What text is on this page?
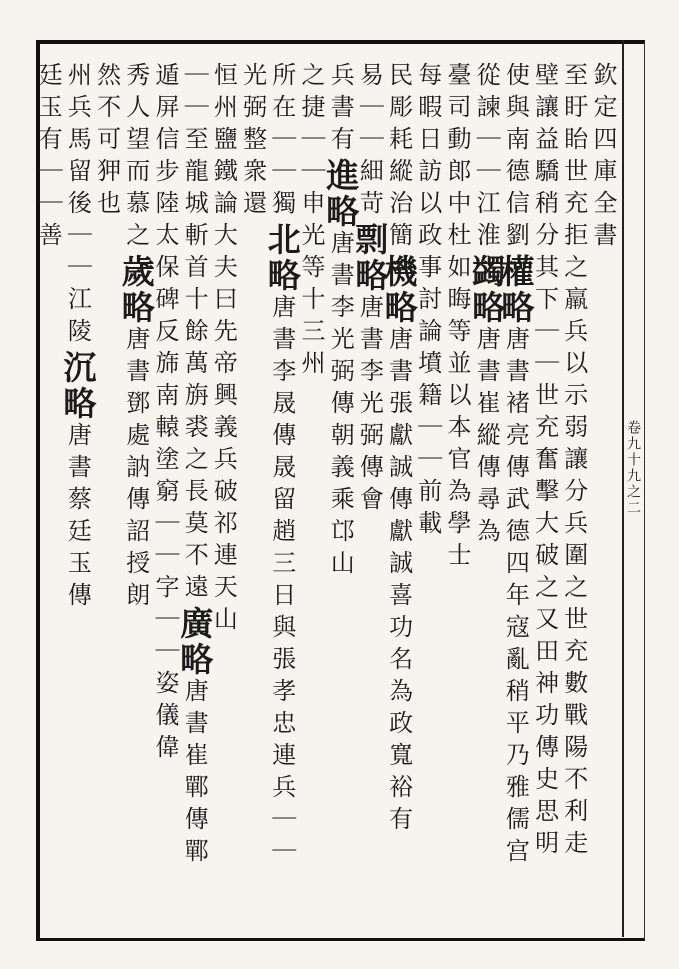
卷九十九之二
欽定四庫全書
至盱眙世充拒之羸兵以示弱讓分兵圍之世充數戰陽不利走
壁讓益驕稍分其下｜｜世充奮擊大破之又田神功傳史思明
使與南德信劉權略唐書褚亮傳武德四年寇亂稍平乃雅儒宫
從諫｜｜江淮蠲略唐書崔縱傳尋為
臺司動郎中杜如晦等並以本官為學士
每暇日訪以政事討論墳籍｜｜前載
民彫耗縱治簡機略唐書張獻誠傳獻誠喜功名為政寬裕有
易｜｜細苛剽略唐書李光弼傳會
兵書有進略唐書李光弼傳朝義乘邙山
之捷｜｜申光等十三州
所在｜｜獨北略唐書李晟傳晟留趙三日與張孝忠連兵｜｜
光弼整衆還
恒州鹽鐵論大夫曰先帝興義兵破祁連天山
｜｜至龍城斬首十餘萬旃裘之長莫不遠廣略唐書崔鄲傳鄲
遁屏信步陸太保碑反旆南轅塗窮｜｜字｜｜姿儀偉
秀人望而慕之歲略唐書鄧處訥傳詔授朗
然不可狎也
州兵馬留後｜｜江陵沉略唐書蔡廷玉傳
廷玉有｜｜善
